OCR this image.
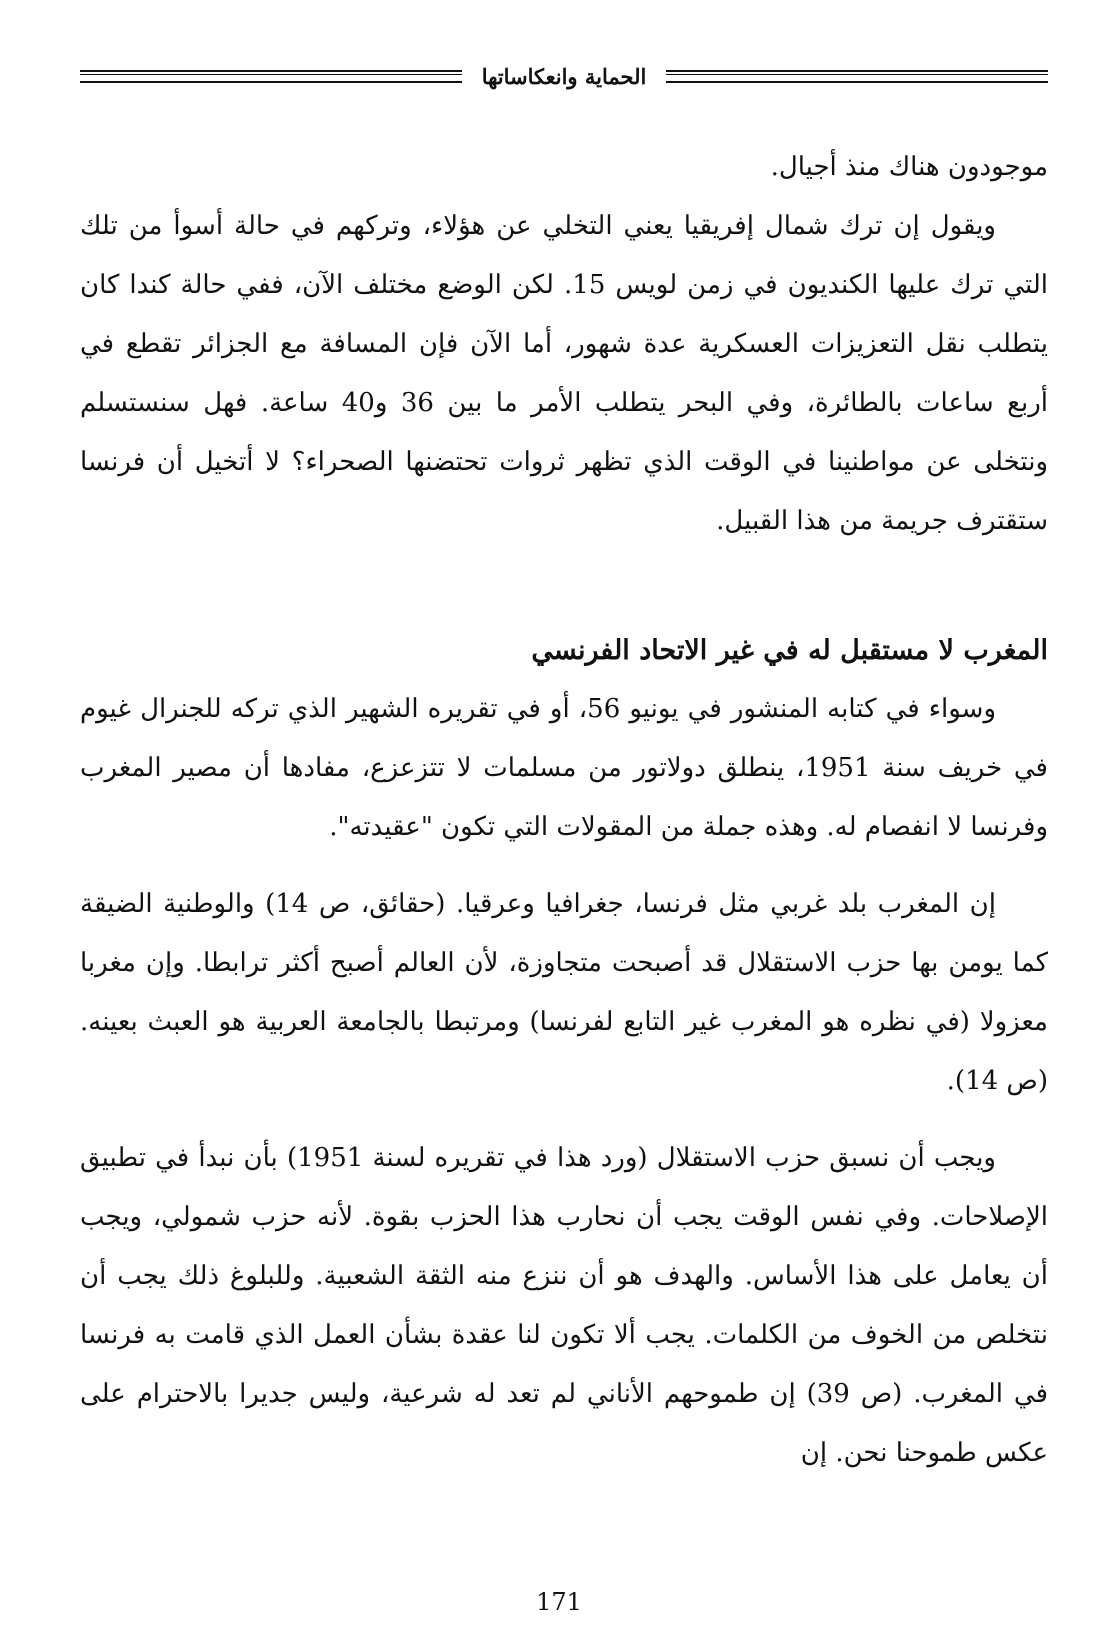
الحماية وانعكاساتها

موجودون هناك منذ أجيال.

ويقول إن ترك شمال إفريقيا يعني التخلي عن هؤلاء، وتركهم في حالة أسوأ من تلك التي ترك عليها الكنديون في زمن لويس 15. لكن الوضع مختلف الآن، ففي حالة كندا كان يتطلب نقل التعزيزات العسكرية عدة شهور، أما الآن فإن المسافة مع الجزائر تقطع في أربع ساعات بالطائرة، وفي البحر يتطلب الأمر ما بين 36 و40 ساعة. فهل سنستسلم ونتخلى عن مواطنينا في الوقت الذي تظهر ثروات تحتضنها الصحراء؟ لا أتخيل أن فرنسا ستقترف جريمة من هذا القبيل.

المغرب لا مستقبل له في غير الاتحاد الفرنسي

وسواء في كتابه المنشور في يونيو 56، أو في تقريره الشهير الذي تركه للجنرال غيوم في خريف سنة 1951، ينطلق دولاتور من مسلمات لا تتزعزع، مفادها أن مصير المغرب وفرنسا لا انفصام له. وهذه جملة من المقولات التي تكون "عقيدته".

إن المغرب بلد غربي مثل فرنسا، جغرافيا وعرقيا. (حقائق، ص 14) والوطنية الضيقة كما يومن بها حزب الاستقلال قد أصبحت متجاوزة، لأن العالم أصبح أكثر ترابطا. وإن مغربا معزولا (في نظره هو المغرب غير التابع لفرنسا) ومرتبطا بالجامعة العربية هو العبث بعينه. (ص 14).

ويجب أن نسبق حزب الاستقلال (ورد هذا في تقريره لسنة 1951) بأن نبدأ في تطبيق الإصلاحات. وفي نفس الوقت يجب أن نحارب هذا الحزب بقوة. لأنه حزب شمولي، ويجب أن يعامل على هذا الأساس. والهدف هو أن ننزع منه الثقة الشعبية. وللبلوغ ذلك يجب أن نتخلص من الخوف من الكلمات. يجب ألا تكون لنا عقدة بشأن العمل الذي قامت به فرنسا في المغرب. (ص 39) إن طموحهم الأناني لم تعد له شرعية، وليس جديرا بالاحترام على عكس طموحنا نحن. إن

171
